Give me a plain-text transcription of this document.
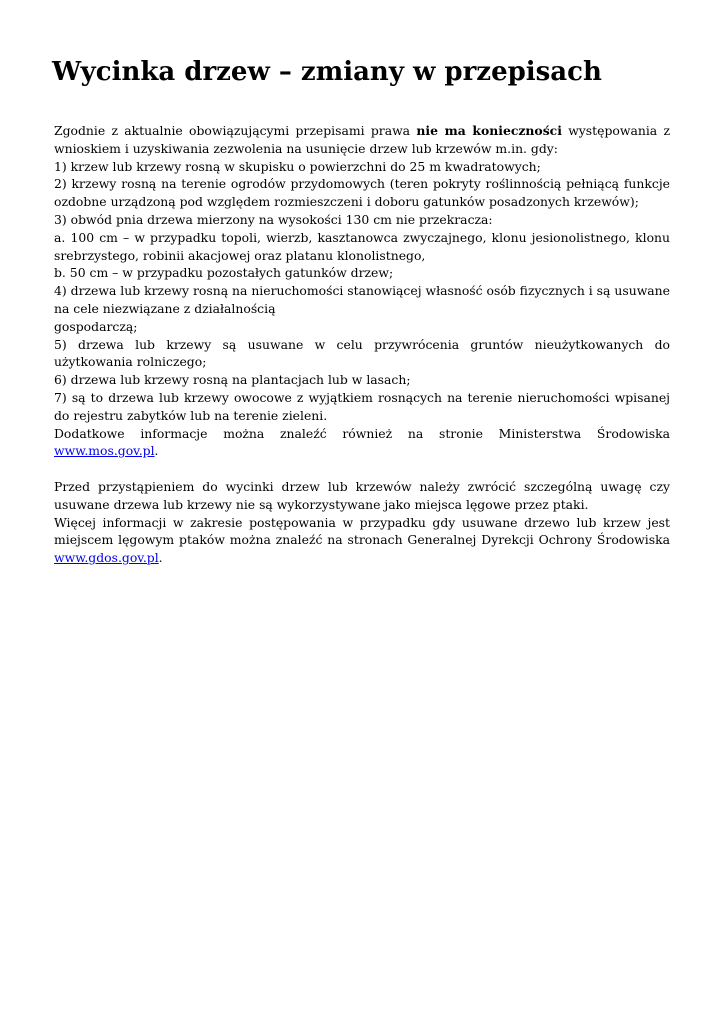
Wycinka drzew – zmiany w przepisach

Zgodnie z aktualnie obowiązującymi przepisami prawa nie ma konieczności występowania z wnioskiem i uzyskiwania zezwolenia na usunięcie drzew lub krzewów m.in. gdy:

1) krzew lub krzewy rosną w skupisku o powierzchni do 25 m kwadratowych;

2) krzewy rosną na terenie ogrodów przydomowych (teren pokryty roślinnością pełniącą funkcje ozdobne urządzoną pod względem rozmieszczeni i doboru gatunków posadzonych krzewów);

3) obwód pnia drzewa mierzony na wysokości 130 cm nie przekracza:

a. 100 cm – w przypadku topoli, wierzb, kasztanowca zwyczajnego, klonu jesionolistnego, klonu srebrzystego, robinii akacjowej oraz platanu klonolistnego,

b. 50 cm – w przypadku pozostałych gatunków drzew;

4) drzewa lub krzewy rosną na nieruchomości stanowiącej własność osób fizycznych i są usuwane na cele niezwiązane z działalnością

gospodarczą;

5) drzewa lub krzewy są usuwane w celu przywrócenia gruntów nieużytkowanych do użytkowania rolniczego;

6) drzewa lub krzewy rosną na plantacjach lub w lasach;

7) są to drzewa lub krzewy owocowe z wyjątkiem rosnących na terenie nieruchomości wpisanej do rejestru zabytków lub na terenie zieleni.

Dodatkowe informacje można znaleźć również na stronie Ministerstwa Środowiska www.mos.gov.pl.

Przed przystąpieniem do wycinki drzew lub krzewów należy zwrócić szczególną uwagę czy usuwane drzewa lub krzewy nie są wykorzystywane jako miejsca lęgowe przez ptaki.

Więcej informacji w zakresie postępowania w przypadku gdy usuwane drzewo lub krzew jest miejscem lęgowym ptaków można znaleźć na stronach Generalnej Dyrekcji Ochrony Środowiska www.gdos.gov.pl.
